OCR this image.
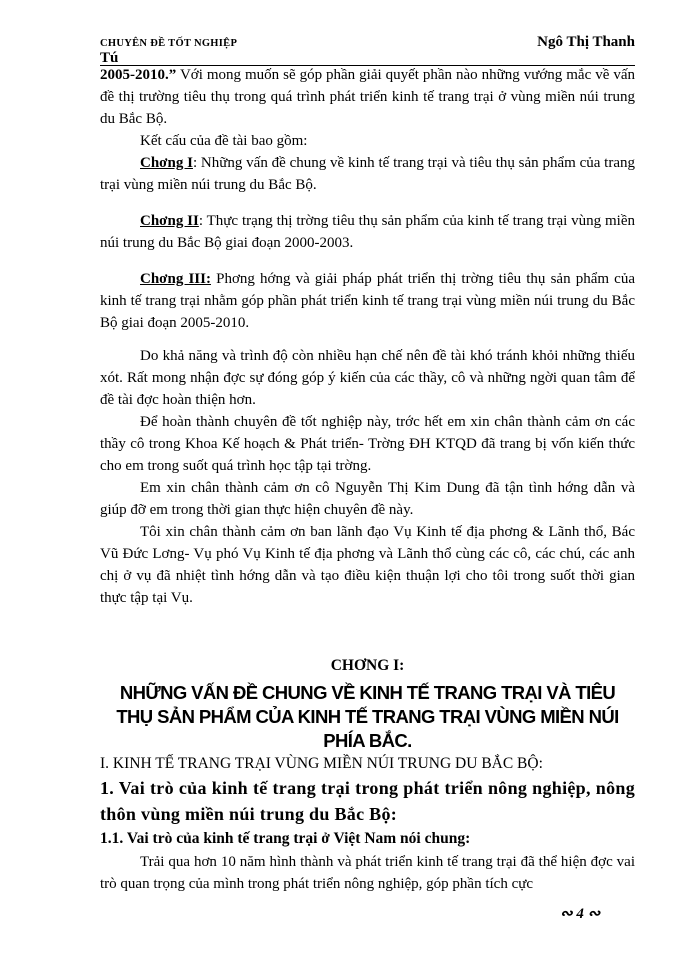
CHUYÊN ĐỀ TỐT NGHIỆP	Ngô Thị Thanh
Tú

2005-2010.” Với mong muốn sẽ góp phần giải quyết phần nào những vướng mắc về vấn đề thị trường tiêu thụ trong quá trình phát triển kinh tế trang trại ở vùng miền núi trung du Bắc Bộ.

Kết cấu của đề tài bao gồm:

Chơng I: Những vấn đề chung về kinh tế trang trại và tiêu thụ sản phẩm của trang trại vùng miền núi trung du Bắc Bộ.

Chơng II: Thực trạng thị trờng tiêu thụ sản phẩm của kinh tế trang trại vùng miền núi trung du Bắc Bộ giai đoạn 2000-2003.

Chơng III: Phơng hớng và giải pháp phát triển thị trờng tiêu thụ sản phẩm của kinh tế trang trại nhằm góp phần phát triển kinh tế trang trại vùng miền núi trung du Bắc Bộ giai đoạn 2005-2010.

Do khả năng và trình độ còn nhiều hạn chế nên đề tài khó tránh khỏi những thiếu xót. Rất mong nhận đợc sự đóng góp ý kiến của các thầy, cô và những ngời quan tâm để đề tài đợc hoàn thiện hơn.

Để hoàn thành chuyên đề tốt nghiệp này, trớc hết em xin chân thành cảm ơn các thầy cô trong Khoa Kế hoạch & Phát triển- Trờng ĐH KTQD đã trang bị vốn kiến thức cho em trong suốt quá trình học tập tại trờng.

Em xin chân thành cảm ơn cô Nguyễn Thị Kim Dung đã tận tình hớng dẫn và giúp đỡ em trong thời gian thực hiện chuyên đề này.

Tôi xin chân thành cảm ơn ban lãnh đạo Vụ Kinh tế địa phơng & Lãnh thổ, Bác Vũ Đức Lơng- Vụ phó Vụ Kinh tế địa phơng và Lãnh thổ cùng các cô, các chú, các anh chị ở vụ đã nhiệt tình hớng dẫn và tạo điều kiện thuận lợi cho tôi trong suốt thời gian thực tập tại Vụ.

CHƠNG I:

NHỮNG VẤN ĐỀ CHUNG VỀ KINH TẾ TRANG TRẠI VÀ TIÊU THỤ SẢN PHẨM CỦA KINH TẾ TRANG TRẠI VÙNG MIỀN NÚI PHÍA BẮC.

I. KINH TẾ TRANG TRẠI VÙNG MIỀN NÚI TRUNG DU BẮC BỘ:

1. Vai trò của kinh tế trang trại trong phát triển nông nghiệp, nông thôn vùng miền núi trung du Bắc Bộ:

1.1. Vai trò của kinh tế trang trại ở Việt Nam nói chung:

Trải qua hơn 10 năm hình thành và phát triển kinh tế trang trại đã thể hiện đợc vai trò quan trọng của mình trong phát triển nông nghiệp, góp phần tích cực

∾ 4 ∾
